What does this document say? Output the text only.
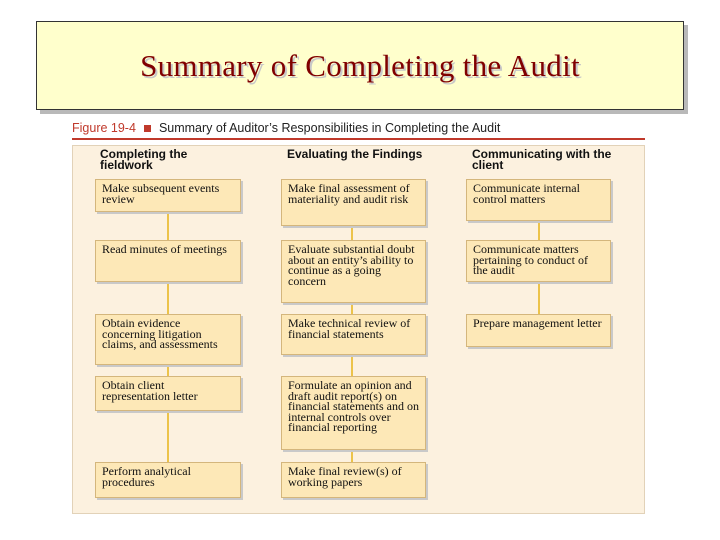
Summary of Completing the Audit
Figure 19-4 Summary of Auditor’s Responsibilities in Completing the Audit
Completing the fieldwork
Evaluating the Findings	Communicating with the client
Make subsequent events review
Read minutes of meetings
Obtain evidence concerning litigation claims, and assessments
Obtain client representation letter
Perform analytical procedures
Make final assessment of materiality and audit risk
Evaluate substantial doubt about an entity’s ability to continue as a going concern
Make technical review of financial statements
Formulate an opinion and draft audit report(s) on financial statements and on internal controls over financial reporting
Make final review(s) of working papers
Communicate internal control matters
Communicate matters pertaining to conduct of the audit
Prepare management letter
